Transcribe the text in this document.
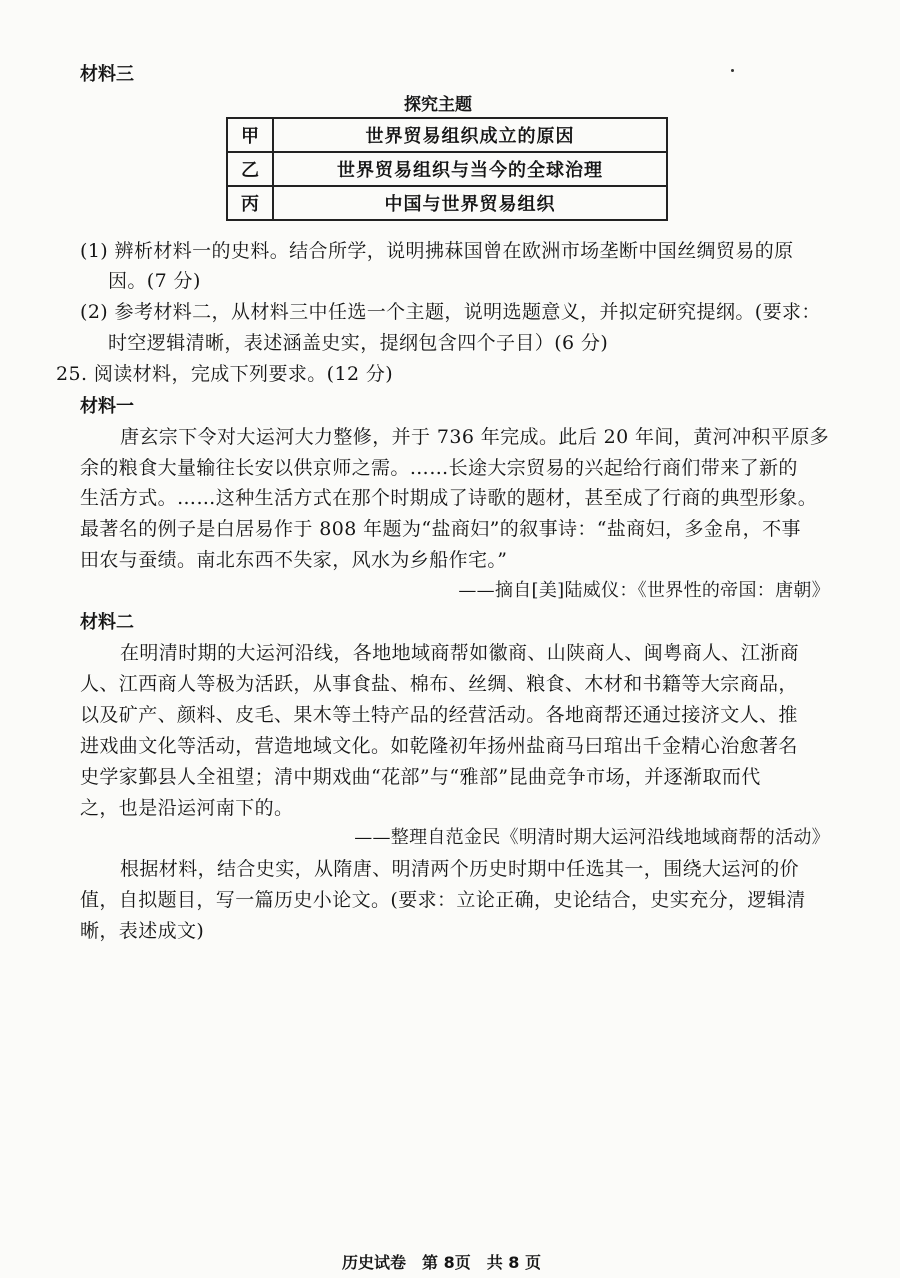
材料三
探究主题
甲	世界贸易组织成立的原因
乙	世界贸易组织与当今的全球治理
丙	中国与世界贸易组织
(1) 辨析材料一的史料。结合所学，说明拂菻国曾在欧洲市场垄断中国丝绸贸易的原
因。(7 分)
(2) 参考材料二，从材料三中任选一个主题，说明选题意义，并拟定研究提纲。(要求：
时空逻辑清晰，表述涵盖史实，提纲包含四个子目）(6 分)
25. 阅读材料，完成下列要求。(12 分)
材料一
唐玄宗下令对大运河大力整修，并于 736 年完成。此后 20 年间，黄河冲积平原多
余的粮食大量输往长安以供京师之需。……长途大宗贸易的兴起给行商们带来了新的
生活方式。……这种生活方式在那个时期成了诗歌的题材，甚至成了行商的典型形象。
最著名的例子是白居易作于 808 年题为“盐商妇”的叙事诗：“盐商妇，多金帛，不事
田农与蚕绩。南北东西不失家，风水为乡船作宅。”
——摘自[美]陆威仪：《世界性的帝国：唐朝》
材料二
在明清时期的大运河沿线，各地地域商帮如徽商、山陕商人、闽粤商人、江浙商
人、江西商人等极为活跃，从事食盐、棉布、丝绸、粮食、木材和书籍等大宗商品，
以及矿产、颜料、皮毛、果木等土特产品的经营活动。各地商帮还通过接济文人、推
进戏曲文化等活动，营造地域文化。如乾隆初年扬州盐商马曰琯出千金精心治愈著名
史学家鄞县人全祖望；清中期戏曲“花部”与“雅部”昆曲竞争市场，并逐渐取而代
之，也是沿运河南下的。
——整理自范金民《明清时期大运河沿线地域商帮的活动》
根据材料，结合史实，从隋唐、明清两个历史时期中任选其一，围绕大运河的价
值，自拟题目，写一篇历史小论文。(要求：立论正确，史论结合，史实充分，逻辑清
晰，表述成文)
历史试卷　第 8页　共 8 页
